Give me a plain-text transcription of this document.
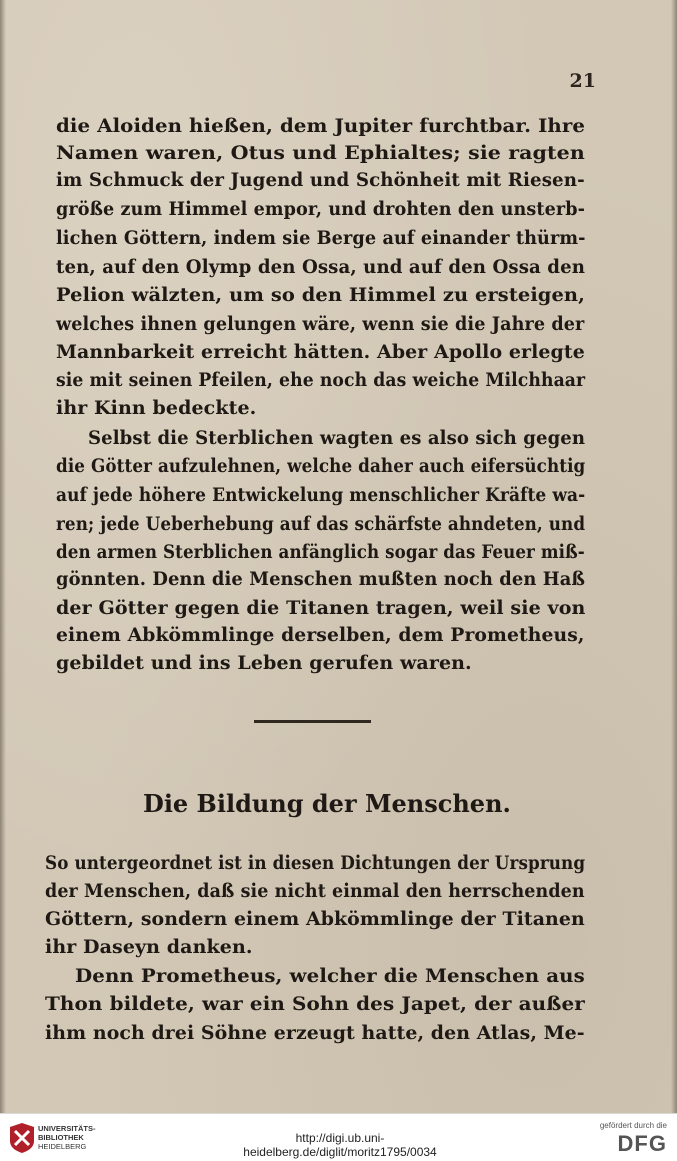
21
die Aloiden hießen, dem Jupiter furchtbar. Ihre
Namen waren, Otus und Ephialtes; sie ragten
im Schmuck der Jugend und Schönheit mit Riesen-
größe zum Himmel empor, und drohten den unsterb-
lichen Göttern, indem sie Berge auf einander thürm-
ten, auf den Olymp den Ossa, und auf den Ossa den
Pelion wälzten, um so den Himmel zu ersteigen,
welches ihnen gelungen wäre, wenn sie die Jahre der
Mannbarkeit erreicht hätten. Aber Apollo erlegte
sie mit seinen Pfeilen, ehe noch das weiche Milchhaar
ihr Kinn bedeckte.
Selbst die Sterblichen wagten es also sich gegen
die Götter aufzulehnen, welche daher auch eifersüchtig
auf jede höhere Entwickelung menschlicher Kräfte wa-
ren; jede Ueberhebung auf das schärfste ahndeten, und
den armen Sterblichen anfänglich sogar das Feuer miß-
gönnten. Denn die Menschen mußten noch den Haß
der Götter gegen die Titanen tragen, weil sie von
einem Abkömmlinge derselben, dem Prometheus,
gebildet und ins Leben gerufen waren.
Die Bildung der Menschen.
So untergeordnet ist in diesen Dichtungen der Ursprung
der Menschen, daß sie nicht einmal den herrschenden
Göttern, sondern einem Abkömmlinge der Titanen
ihr Daseyn danken.
Denn Prometheus, welcher die Menschen aus
Thon bildete, war ein Sohn des Japet, der außer
ihm noch drei Söhne erzeugt hatte, den Atlas, Me-
UNIVERSITÄTS-
BIBLIOTHEK
HEIDELBERG
http://digi.ub.uni-heidelberg.de/diglit/moritz1795/0034
gefördert durch die
DFG
